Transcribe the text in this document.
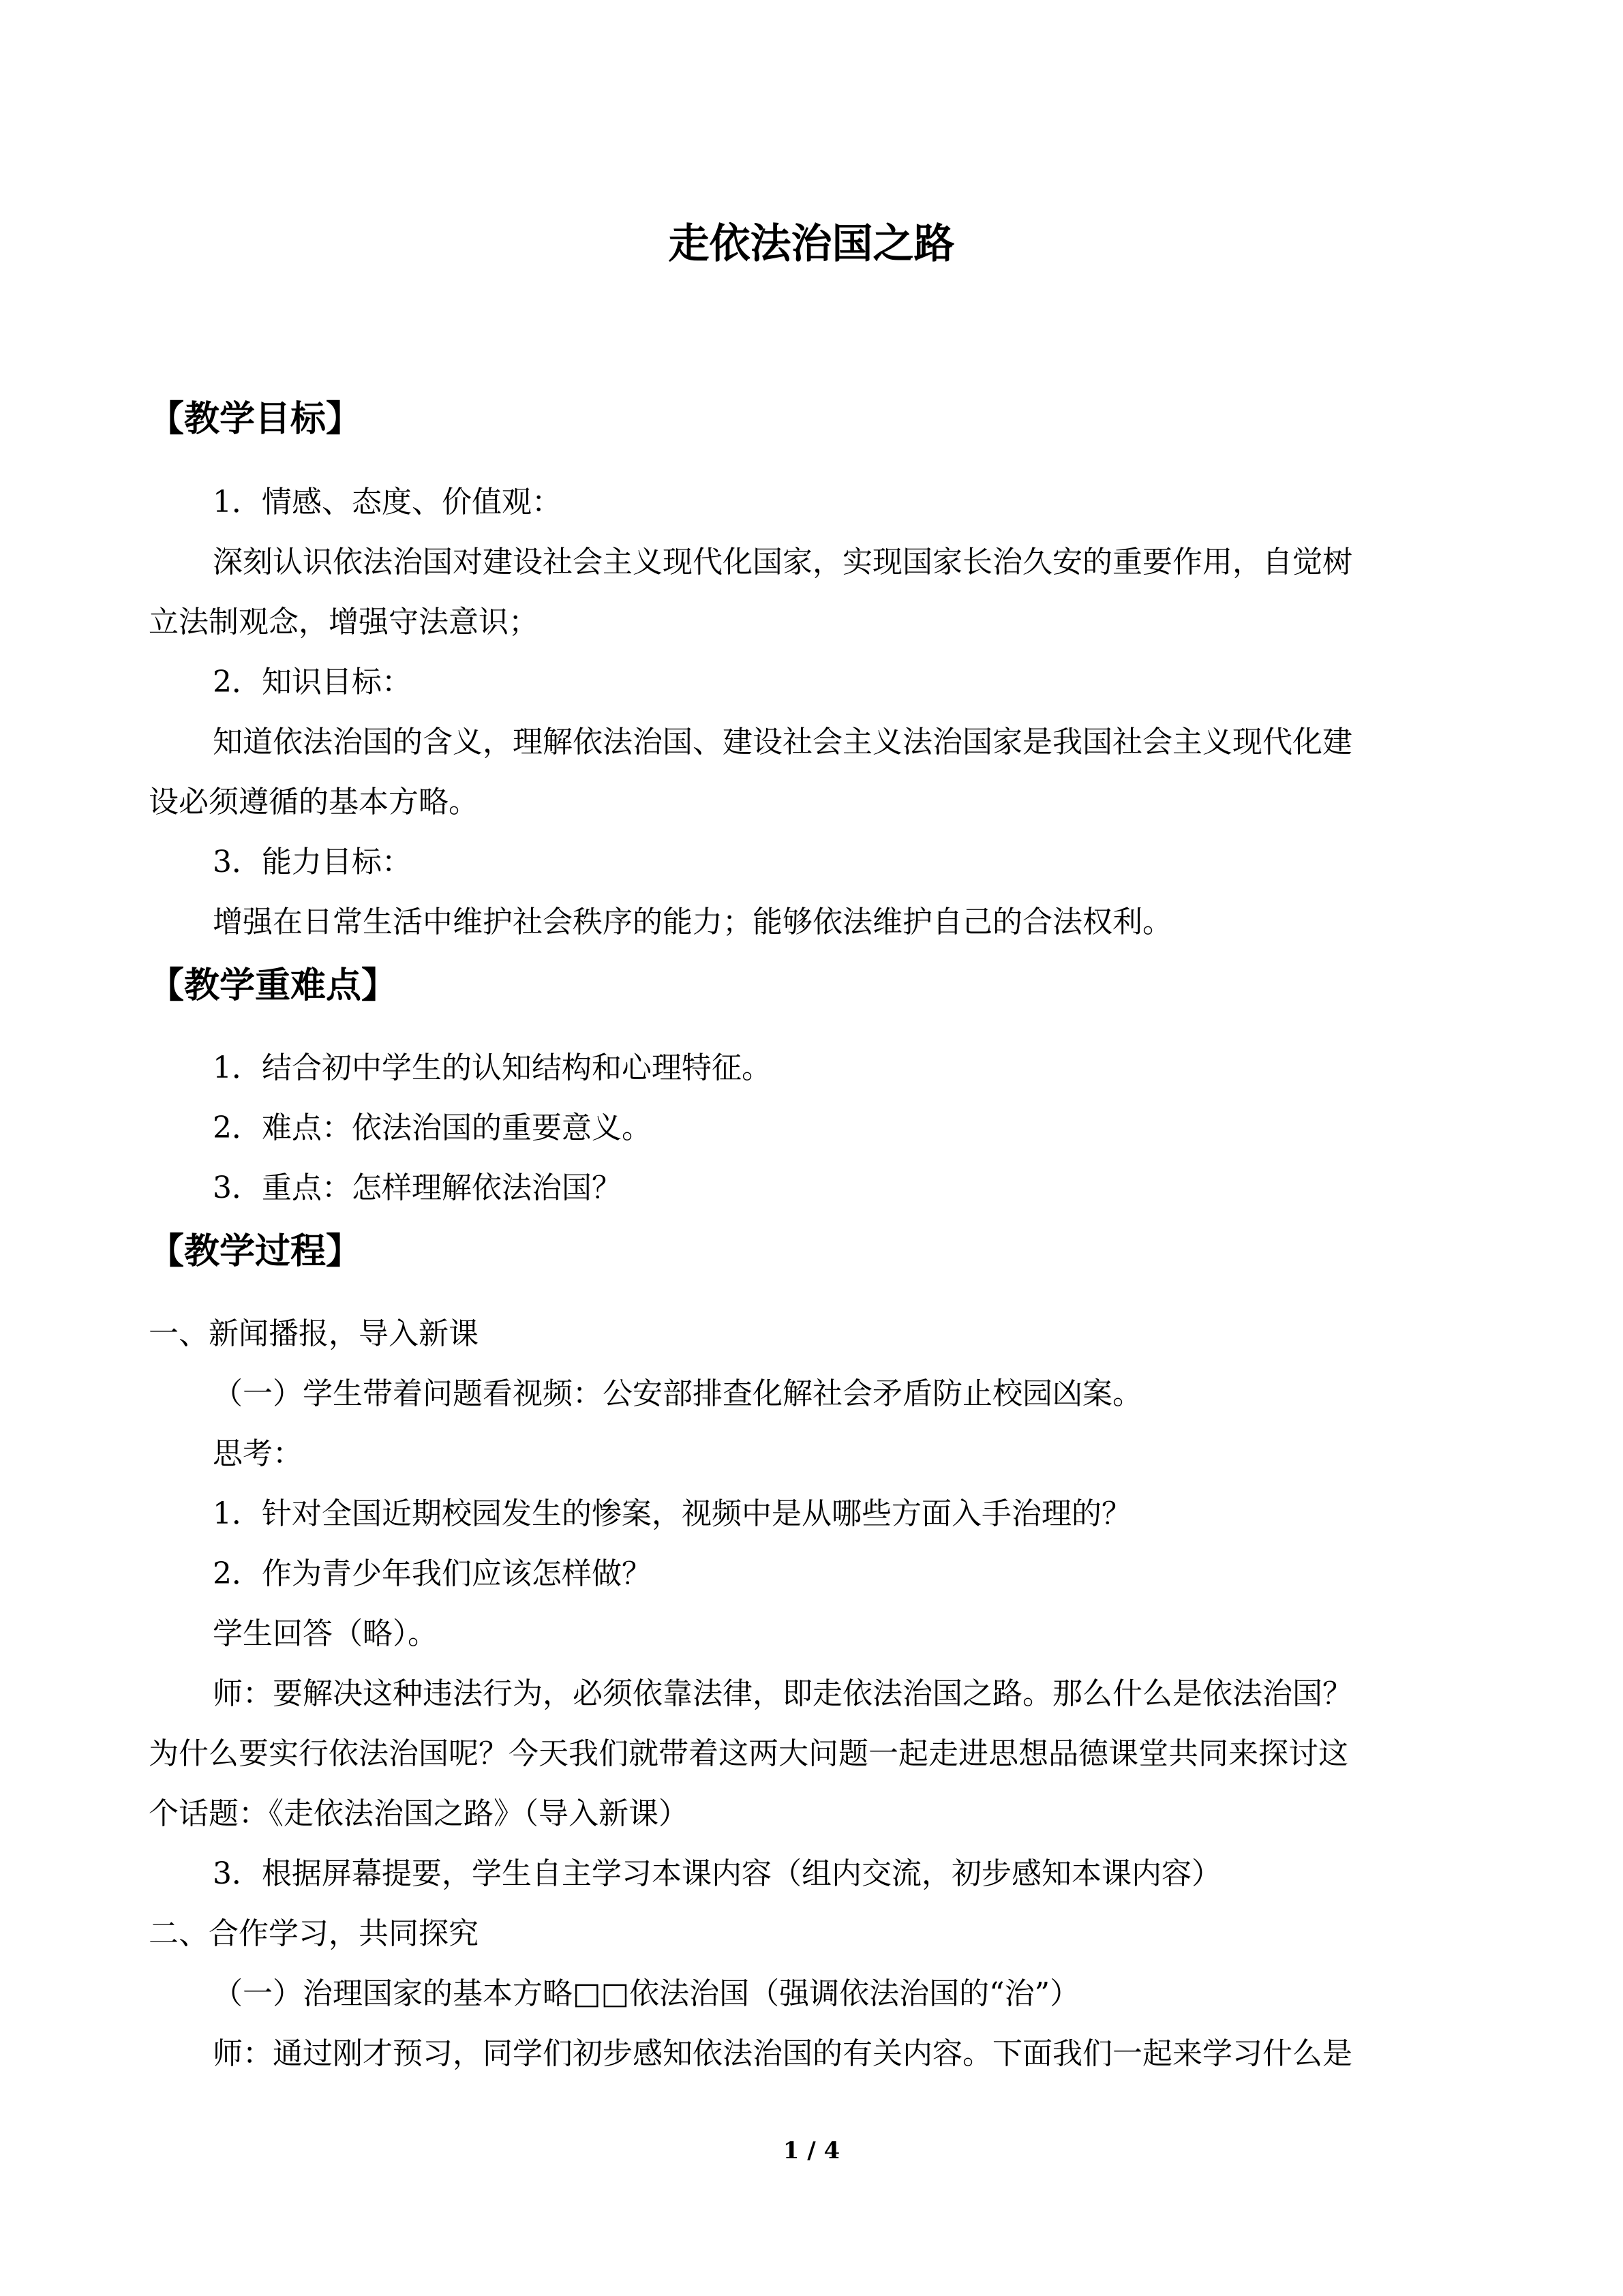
走依法治国之路
【教学目标】
1．情感、态度、价值观：
深刻认识依法治国对建设社会主义现代化国家，实现国家长治久安的重要作用，自觉树
立法制观念，增强守法意识；
2．知识目标：
知道依法治国的含义，理解依法治国、建设社会主义法治国家是我国社会主义现代化建
设必须遵循的基本方略。
3．能力目标：
增强在日常生活中维护社会秩序的能力；能够依法维护自己的合法权利。
【教学重难点】
1．结合初中学生的认知结构和心理特征。
2．难点：依法治国的重要意义。
3．重点：怎样理解依法治国？
【教学过程】
一、新闻播报，导入新课
（一）学生带着问题看视频：公安部排查化解社会矛盾防止校园凶案。
思考：
1．针对全国近期校园发生的惨案，视频中是从哪些方面入手治理的？
2．作为青少年我们应该怎样做？
学生回答（略）。
师：要解决这种违法行为，必须依靠法律，即走依法治国之路。那么什么是依法治国？
为什么要实行依法治国呢？今天我们就带着这两大问题一起走进思想品德课堂共同来探讨这
个话题：《走依法治国之路》（导入新课）
3．根据屏幕提要，学生自主学习本课内容（组内交流，初步感知本课内容）
二、合作学习，共同探究
（一）治理国家的基本方略□□依法治国（强调依法治国的“治”）
师：通过刚才预习，同学们初步感知依法治国的有关内容。下面我们一起来学习什么是
1 / 4
